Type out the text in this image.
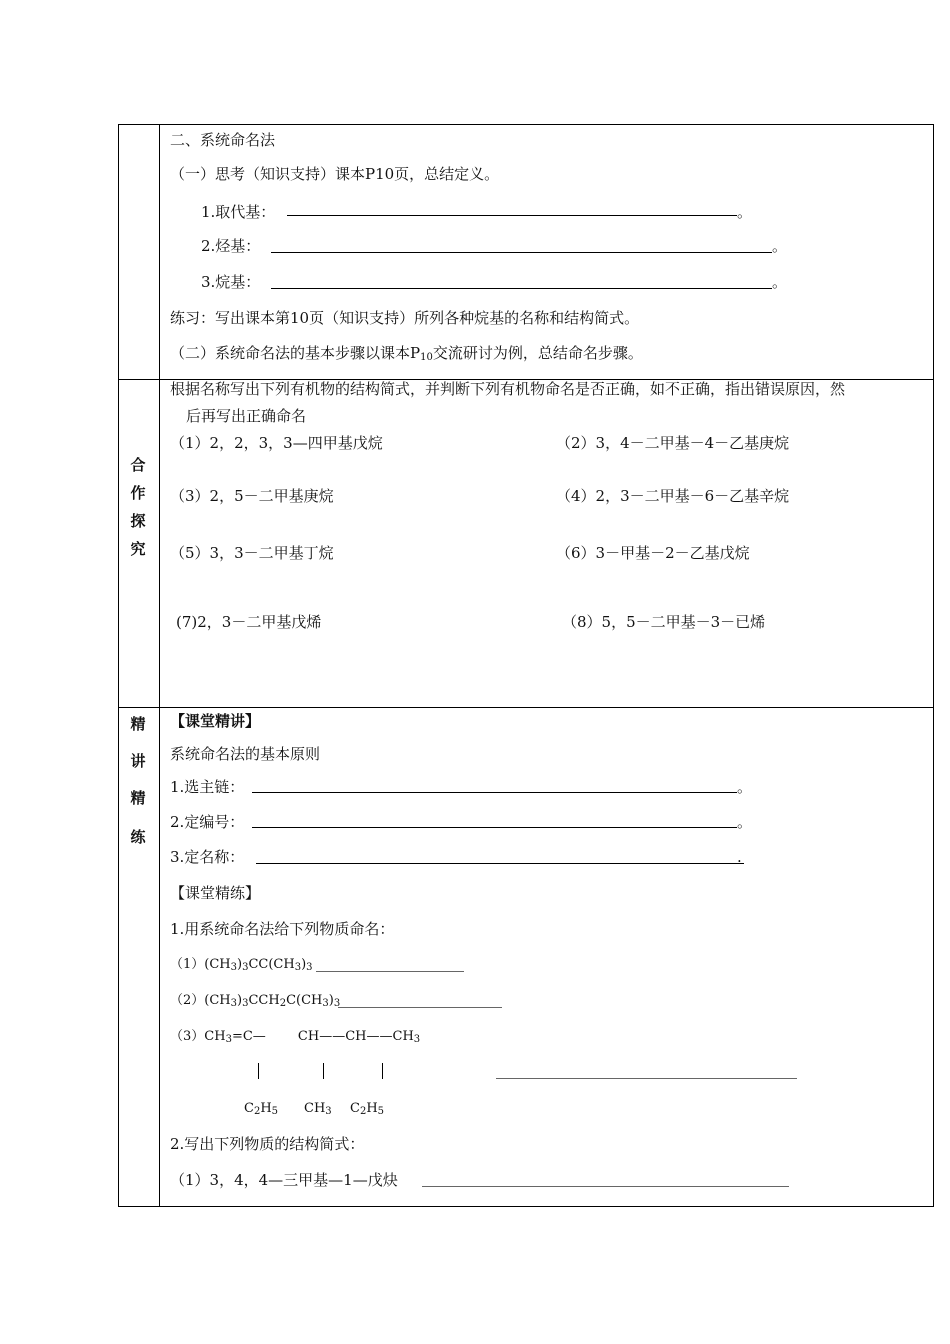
二、系统命名法
（一）思考（知识支持）课本P10页，总结定义。
1.取代基：	。
2.烃基：	。
3.烷基：	。
练习：写出课本第10页（知识支持）所列各种烷基的名称和结构简式。
（二）系统命名法的基本步骤以课本$P_{10}$交流研讨为例，总结命名步骤。
合
作
探
究
根据名称写出下列有机物的结构简式，并判断下列有机物命名是否正确，如不正确，指出错误原因，然
后再写出正确命名
（1）2，2，3，3—四甲基戊烷	（2）3，4－二甲基－4－乙基庚烷
（3）2，5－二甲基庚烷	（4）2，3－二甲基－6－乙基辛烷
（5）3，3－二甲基丁烷	（6）3－甲基－2－乙基戊烷
(7)2，3－二甲基戊烯	（8）5，5－二甲基－3－已烯
精
讲
精
练
【课堂精讲】
系统命名法的基本原则
1.选主链：	。
2.定编号：	。
3.定名称：	.
【课堂精练】
1.用系统命名法给下列物质命名：
$(1)(CH_3)_3CC(CH_3)_3$
$(2)(CH_3)_3CCH_2C(CH_3)_3$
$(3)CH_3=C—$ $CH——CH——CH_3$
$C_2H_5$ $CH_3$ $C_2H_5$
2.写出下列物质的结构简式：
（1）3，4，4—三甲基—1—戊炔
